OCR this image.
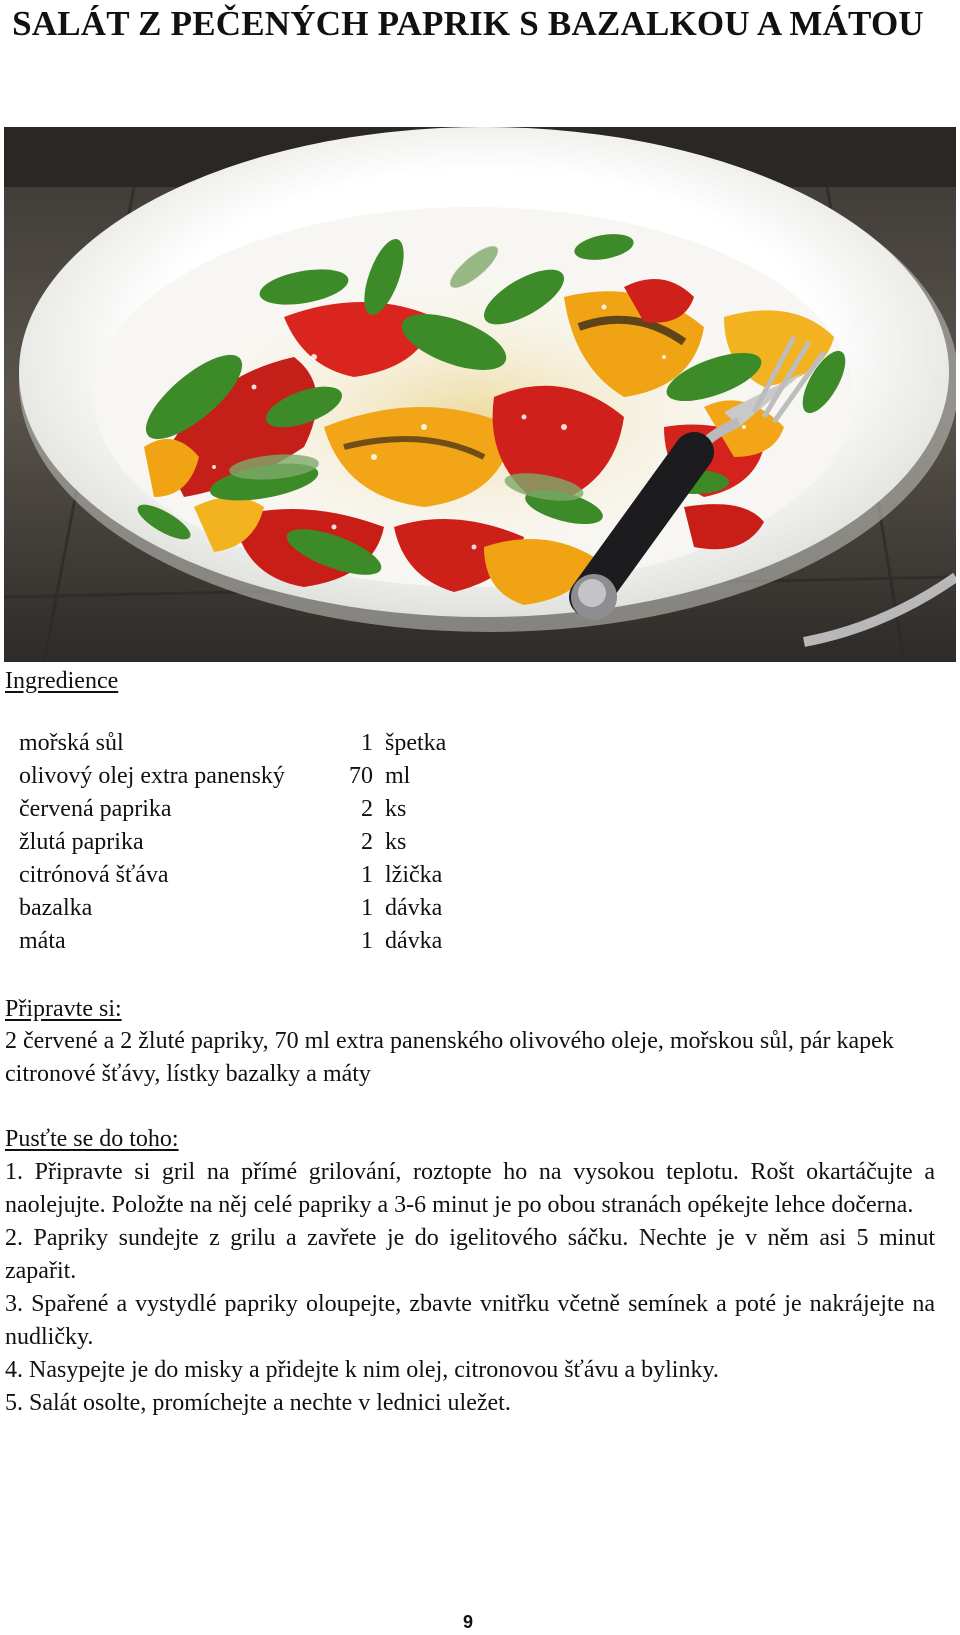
SALÁT Z PEČENÝCH PAPRIK S BAZALKOU A MÁTOU
Ingredience
mořská sůl	1	špetka
olivový olej extra panenský	70	ml
červená paprika	2	ks
žlutá paprika	2	ks
citrónová šťáva	1	lžička
bazalka	1	dávka
máta	1	dávka
Připravte si:
2 červené a 2 žluté papriky, 70 ml extra panenského olivového oleje, mořskou sůl, pár kapek citronové šťávy, lístky bazalky a máty
Pusťte se do toho:

1. Připravte si gril na přímé grilování, roztopte ho na vysokou teplotu. Rošt okartáčujte a naolejujte. Položte na něj celé papriky a 3-6 minut je po obou stranách opékejte lehce dočerna.

2. Papriky sundejte z grilu a zavřete je do igelitového sáčku. Nechte je v něm asi 5 minut zapařit.

3. Spařené a vystydlé papriky oloupejte, zbavte vnitřku včetně semínek a poté je nakrájejte na nudličky.

4. Nasypejte je do misky a přidejte k nim olej, citronovou šťávu a bylinky.

5. Salát osolte, promíchejte a nechte v lednici uležet.

9
